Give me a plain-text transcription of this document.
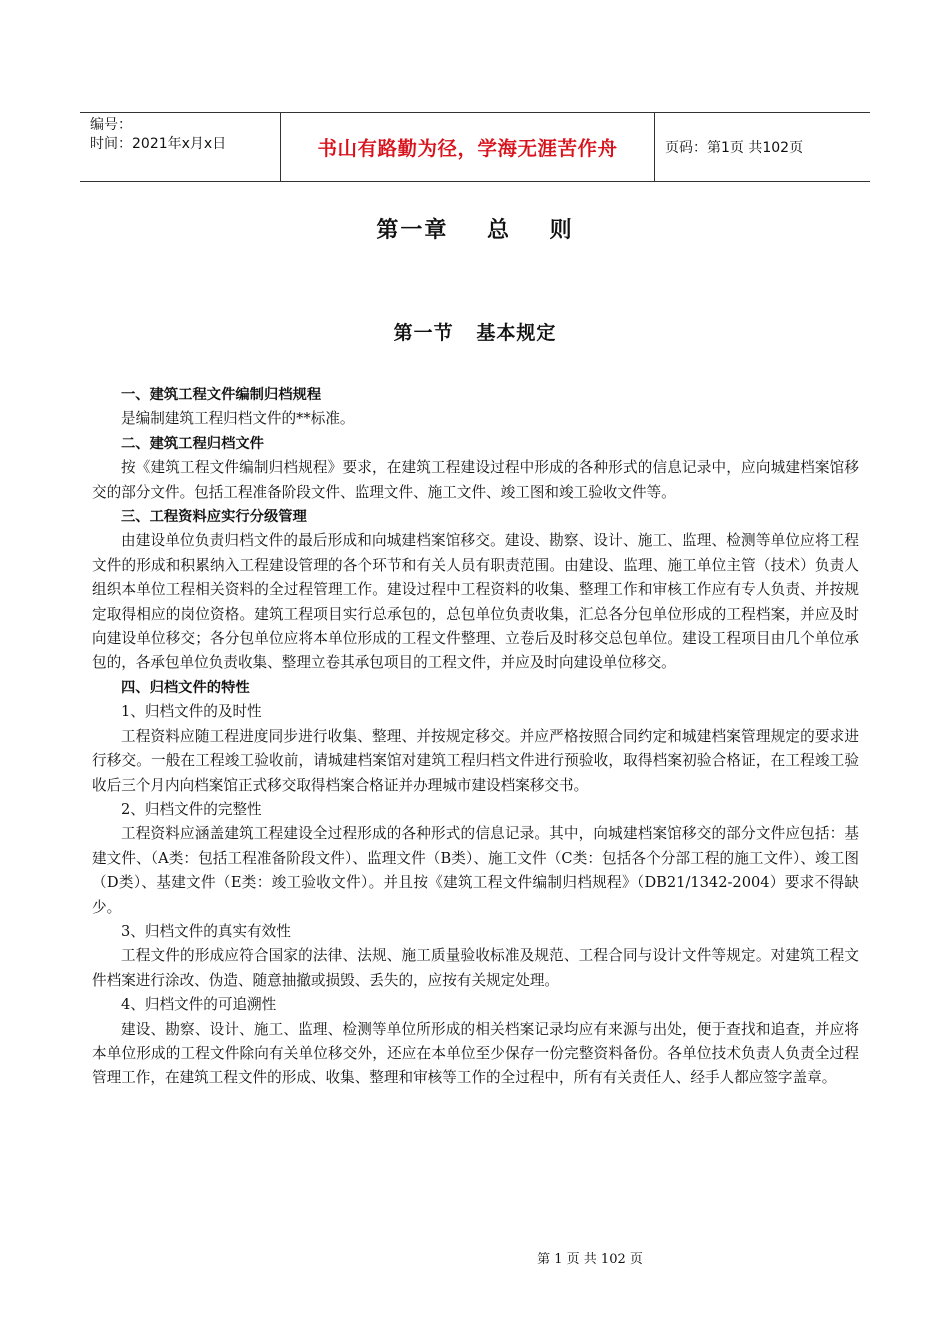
编号：
时间：2021年x月x日	书山有路勤为径，学海无涯苦作舟	页码：第1页 共102页
第一章    总    则
第一节   基本规定

一、建筑工程文件编制归档规程

是编制建筑工程归档文件的**标准。

二、建筑工程归档文件

按《建筑工程文件编制归档规程》要求，在建筑工程建设过程中形成的各种形式的信息记录中，应向城建档案馆移交的部分文件。包括工程准备阶段文件、监理文件、施工文件、竣工图和竣工验收文件等。

三、工程资料应实行分级管理

由建设单位负责归档文件的最后形成和向城建档案馆移交。建设、勘察、设计、施工、监理、检测等单位应将工程文件的形成和积累纳入工程建设管理的各个环节和有关人员有职责范围。由建设、监理、施工单位主管（技术）负责人组织本单位工程相关资料的全过程管理工作。建设过程中工程资料的收集、整理工作和审核工作应有专人负责、并按规定取得相应的岗位资格。建筑工程项目实行总承包的，总包单位负责收集，汇总各分包单位形成的工程档案，并应及时向建设单位移交；各分包单位应将本单位形成的工程文件整理、立卷后及时移交总包单位。建设工程项目由几个单位承包的，各承包单位负责收集、整理立卷其承包项目的工程文件，并应及时向建设单位移交。

四、归档文件的特性

1、归档文件的及时性

工程资料应随工程进度同步进行收集、整理、并按规定移交。并应严格按照合同约定和城建档案管理规定的要求进行移交。一般在工程竣工验收前，请城建档案馆对建筑工程归档文件进行预验收，取得档案初验合格证，在工程竣工验收后三个月内向档案馆正式移交取得档案合格证并办理城市建设档案移交书。

2、归档文件的完整性

工程资料应涵盖建筑工程建设全过程形成的各种形式的信息记录。其中，向城建档案馆移交的部分文件应包括：基建文件、（A类：包括工程准备阶段文件）、监理文件（B类）、施工文件（C类：包括各个分部工程的施工文件）、竣工图（D类）、基建文件（E类：竣工验收文件）。并且按《建筑工程文件编制归档规程》（DB21/1342-2004）要求不得缺少。

3、归档文件的真实有效性

工程文件的形成应符合国家的法律、法规、施工质量验收标准及规范、工程合同与设计文件等规定。对建筑工程文件档案进行涂改、伪造、随意抽撤或损毁、丢失的，应按有关规定处理。

4、归档文件的可追溯性

建设、勘察、设计、施工、监理、检测等单位所形成的相关档案记录均应有来源与出处，便于查找和追查，并应将本单位形成的工程文件除向有关单位移交外，还应在本单位至少保存一份完整资料备份。各单位技术负责人负责全过程管理工作，在建筑工程文件的形成、收集、整理和审核等工作的全过程中，所有有关责任人、经手人都应签字盖章。

第 1 页 共 102 页
